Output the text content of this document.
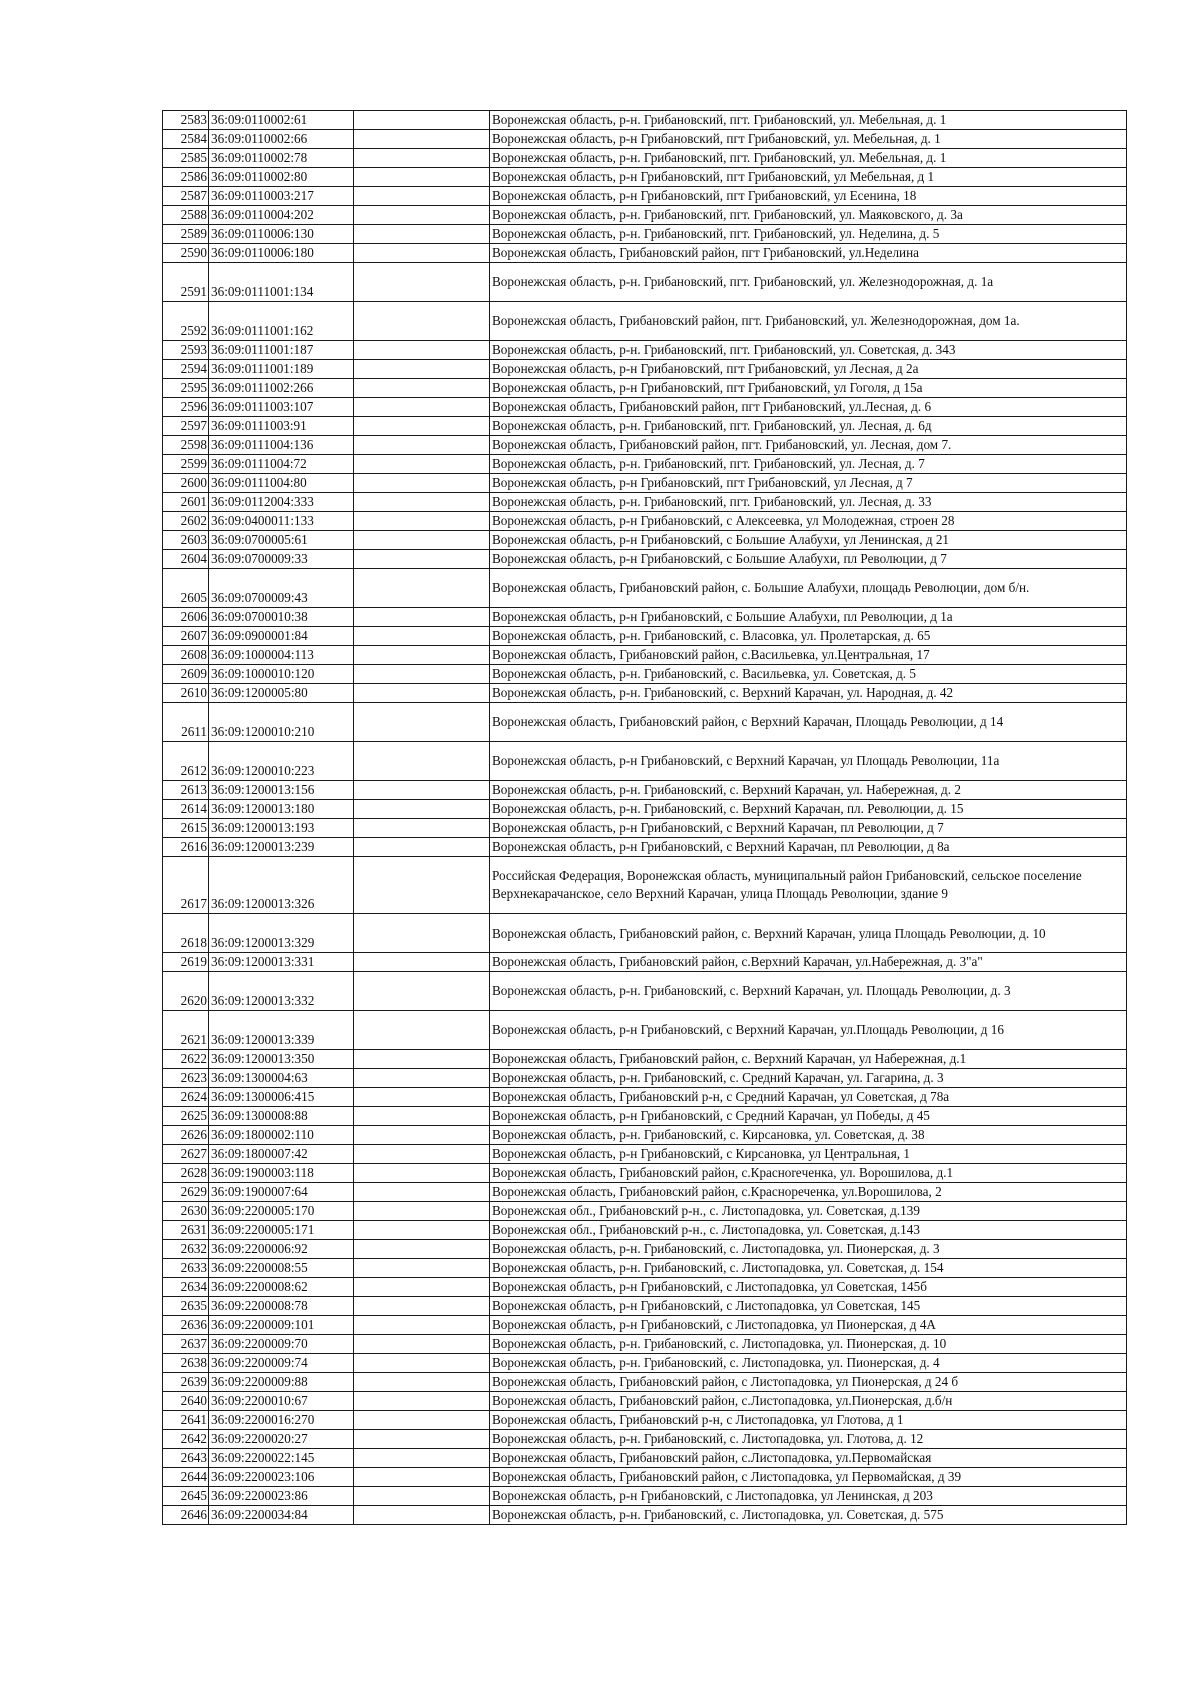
2583	36:09:0110002:61		Воронежская область, р-н. Грибановский, пгт. Грибановский, ул. Мебельная, д. 1
2584	36:09:0110002:66		Воронежская область, р-н Грибановский, пгт Грибановский, ул. Мебельная, д. 1
2585	36:09:0110002:78		Воронежская область, р-н. Грибановский, пгт. Грибановский, ул. Мебельная, д. 1
2586	36:09:0110002:80		Воронежская область, р-н Грибановский, пгт Грибановский, ул Мебельная, д 1
2587	36:09:0110003:217		Воронежская область, р-н Грибановский, пгт Грибановский, ул Есенина, 18
2588	36:09:0110004:202		Воронежская область, р-н. Грибановский, пгт. Грибановский, ул. Маяковского, д. 3а
2589	36:09:0110006:130		Воронежская область, р-н. Грибановский, пгт. Грибановский, ул. Неделина, д. 5
2590	36:09:0110006:180		Воронежская область, Грибановский район, пгт Грибановский, ул.Неделина
2591	36:09:0111001:134		Воронежская область, р-н. Грибановский, пгт. Грибановский, ул. Железнодорожная, д. 1а
2592	36:09:0111001:162		Воронежская область, Грибановский район, пгт. Грибановский, ул. Железнодорожная, дом 1а.
2593	36:09:0111001:187		Воронежская область, р-н. Грибановский, пгт. Грибановский, ул. Советская, д. 343
2594	36:09:0111001:189		Воронежская область, р-н Грибановский, пгт Грибановский, ул Лесная, д 2а
2595	36:09:0111002:266		Воронежская область, р-н Грибановский, пгт Грибановский, ул Гоголя, д 15а
2596	36:09:0111003:107		Воронежская область, Грибановский район, пгт Грибановский, ул.Лесная, д. 6
2597	36:09:0111003:91		Воронежская область, р-н. Грибановский, пгт. Грибановский, ул. Лесная, д. 6д
2598	36:09:0111004:136		Воронежская область, Грибановский район, пгт. Грибановский, ул. Лесная, дом 7.
2599	36:09:0111004:72		Воронежская область, р-н. Грибановский, пгт. Грибановский, ул. Лесная, д. 7
2600	36:09:0111004:80		Воронежская область, р-н Грибановский, пгт Грибановский, ул Лесная, д 7
2601	36:09:0112004:333		Воронежская область, р-н. Грибановский, пгт. Грибановский, ул. Лесная, д. 33
2602	36:09:0400011:133		Воронежская область, р-н Грибановский, с Алексеевка, ул Молодежная, строен 28
2603	36:09:0700005:61		Воронежская область, р-н Грибановский, с Большие Алабухи, ул Ленинская, д 21
2604	36:09:0700009:33		Воронежская область, р-н Грибановский, с Большие Алабухи, пл Революции, д 7
2605	36:09:0700009:43		Воронежская область, Грибановский район, с. Большие Алабухи, площадь Революции, дом б/н.
2606	36:09:0700010:38		Воронежская область, р-н Грибановский, с Большие Алабухи, пл Революции, д 1а
2607	36:09:0900001:84		Воронежская область, р-н. Грибановский, с. Власовка, ул. Пролетарская, д. 65
2608	36:09:1000004:113		Воронежская область, Грибановский район, с.Васильевка, ул.Центральная, 17
2609	36:09:1000010:120		Воронежская область, р-н. Грибановский, с. Васильевка, ул. Советская, д. 5
2610	36:09:1200005:80		Воронежская область, р-н. Грибановский, с. Верхний Карачан, ул. Народная, д. 42
2611	36:09:1200010:210		Воронежская область, Грибановский район, с Верхний Карачан, Площадь Революции, д 14
2612	36:09:1200010:223		Воронежская область, р-н Грибановский, с Верхний Карачан, ул Площадь Революции, 11а
2613	36:09:1200013:156		Воронежская область, р-н. Грибановский, с. Верхний Карачан, ул. Набережная, д. 2
2614	36:09:1200013:180		Воронежская область, р-н. Грибановский, с. Верхний Карачан, пл. Революции, д. 15
2615	36:09:1200013:193		Воронежская область, р-н Грибановский, с Верхний Карачан, пл Революции, д 7
2616	36:09:1200013:239		Воронежская область, р-н Грибановский, с Верхний Карачан, пл Революции, д 8а
2617	36:09:1200013:326		Российская Федерация, Воронежская область, муниципальный район Грибановский, сельское поселение Верхнекарачанское, село Верхний Карачан, улица Площадь Революции, здание 9
2618	36:09:1200013:329		Воронежская область, Грибановский район, с. Верхний Карачан, улица Площадь Революции, д. 10
2619	36:09:1200013:331		Воронежская область, Грибановский район, с.Верхний Карачан, ул.Набережная, д. 3"а"
2620	36:09:1200013:332		Воронежская область, р-н. Грибановский, с. Верхний Карачан, ул. Площадь Революции, д. 3
2621	36:09:1200013:339		Воронежская область, р-н Грибановский, с Верхний Карачан, ул.Площадь Революции, д 16
2622	36:09:1200013:350		Воронежская область, Грибановский район, с. Верхний Карачан, ул Набережная, д.1
2623	36:09:1300004:63		Воронежская область, р-н. Грибановский, с. Средний Карачан, ул. Гагарина, д. 3
2624	36:09:1300006:415		Воронежская область, Грибановский р-н, с Средний Карачан, ул Советская, д 78а
2625	36:09:1300008:88		Воронежская область, р-н Грибановский, с Средний Карачан, ул Победы, д 45
2626	36:09:1800002:110		Воронежская область, р-н. Грибановский, с. Кирсановка, ул. Советская, д. 38
2627	36:09:1800007:42		Воронежская область, р-н Грибановский, с Кирсановка, ул Центральная, 1
2628	36:09:1900003:118		Воронежская область, Грибановский район, с.Красноreченка, ул. Ворошилова, д.1
2629	36:09:1900007:64		Воронежская область, Грибановский район, с.Краснореченка, ул.Ворошилова, 2
2630	36:09:2200005:170		Воронежская обл., Грибановский р-н., с. Листопадовка, ул. Советская, д.139
2631	36:09:2200005:171		Воронежская обл., Грибановский р-н., с. Листопадовка, ул. Советская, д.143
2632	36:09:2200006:92		Воронежская область, р-н. Грибановский, с. Листопадовка, ул. Пионерская, д. 3
2633	36:09:2200008:55		Воронежская область, р-н. Грибановский, с. Листопадовка, ул. Советская, д. 154
2634	36:09:2200008:62		Воронежская область, р-н Грибановский, с Листопадовка, ул Советская, 145б
2635	36:09:2200008:78		Воронежская область, р-н Грибановский, с Листопадовка, ул Советская, 145
2636	36:09:2200009:101		Воронежская область, р-н Грибановский, с Листопадовка, ул Пионерская, д 4А
2637	36:09:2200009:70		Воронежская область, р-н. Грибановский, с. Листопадовка, ул. Пионерская, д. 10
2638	36:09:2200009:74		Воронежская область, р-н. Грибановский, с. Листопадовка, ул. Пионерская, д. 4
2639	36:09:2200009:88		Воронежская область, Грибановский район, с Листопадовка, ул Пионерская, д 24 б
2640	36:09:2200010:67		Воронежская область, Грибановский район, с.Листопадовка, ул.Пионерская, д.б/н
2641	36:09:2200016:270		Воронежская область, Грибановский р-н, с Листопадовка, ул Глотова, д 1
2642	36:09:2200020:27		Воронежская область, р-н. Грибановский, с. Листопадовка, ул. Глотова, д. 12
2643	36:09:2200022:145		Воронежская область, Грибановский район, с.Листопадовка, ул.Первомайская
2644	36:09:2200023:106		Воронежская область, Грибановский район, с Листопадовка, ул Первомайская, д 39
2645	36:09:2200023:86		Воронежская область, р-н Грибановский, с Листопадовка, ул Ленинская, д 203
2646	36:09:2200034:84		Воронежская область, р-н. Грибановский, с. Листопадовка, ул. Советская, д. 575
